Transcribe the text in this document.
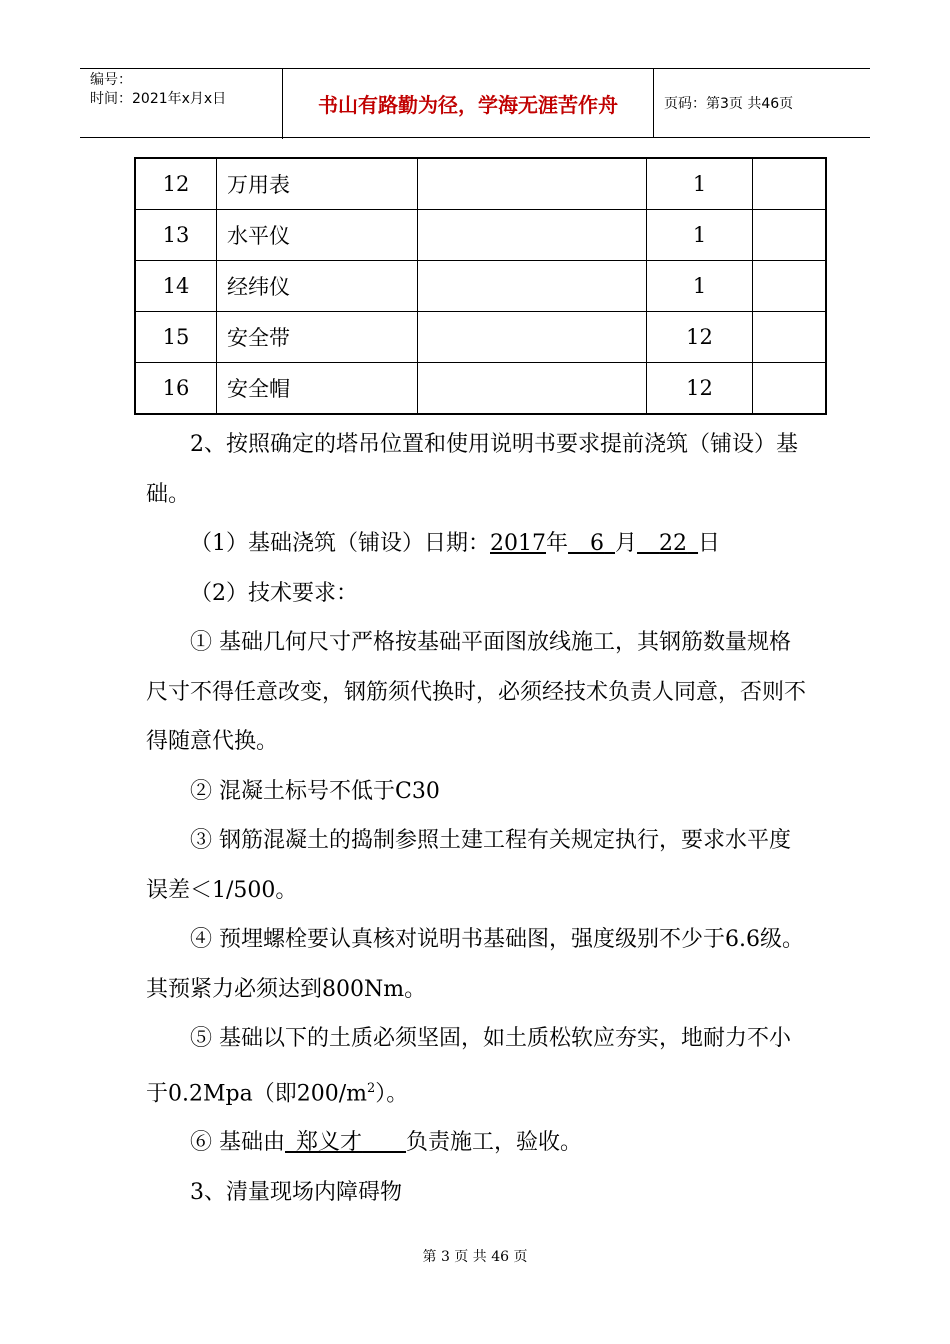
编号：
时间：2021年x月x日	书山有路勤为径，学海无涯苦作舟	页码：第3页 共46页
12	万用表		1	
13	水平仪		1	
14	经纬仪		1	
15	安全带		12	
16	安全帽		12	

2、按照确定的塔吊位置和使用说明书要求提前浇筑（铺设）基础。

（1）基础浇筑（铺设）日期：2017年  6  月  22  日

（2）技术要求：

① 基础几何尺寸严格按基础平面图放线施工，其钢筋数量规格尺寸不得任意改变，钢筋须代换时，必须经技术负责人同意，否则不得随意代换。

② 混凝土标号不低于C30

③ 钢筋混凝土的捣制参照土建工程有关规定执行，要求水平度误差＜1/500。

④ 预埋螺栓要认真核对说明书基础图，强度级别不少于6.6级。其预紧力必须达到800Nm。

⑤ 基础以下的土质必须坚固，如土质松软应夯实，地耐力不小于0.2Mpa（即$200/m^2$）。

⑥ 基础由  郑义才   负责施工，验收。

3、清量现场内障碍物

第 3 页 共 46 页
